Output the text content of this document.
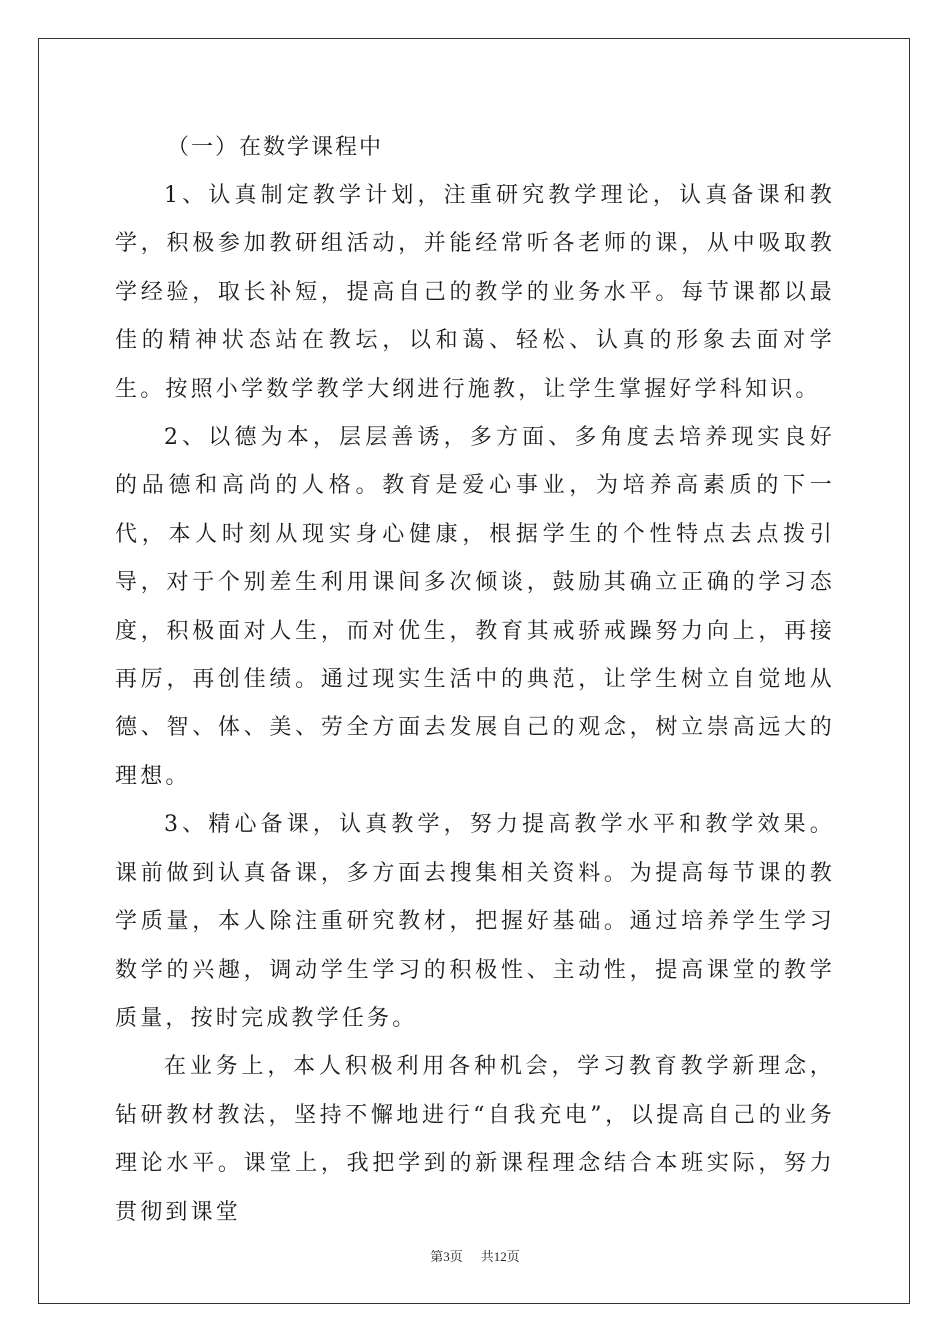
（一）在数学课程中

1、认真制定教学计划，注重研究教学理论，认真备课和教学，积极参加教研组活动，并能经常听各老师的课，从中吸取教学经验，取长补短，提高自己的教学的业务水平。每节课都以最佳的精神状态站在教坛，以和蔼、轻松、认真的形象去面对学生。按照小学数学教学大纲进行施教，让学生掌握好学科知识。

2、以德为本，层层善诱，多方面、多角度去培养现实良好的品德和高尚的人格。教育是爱心事业，为培养高素质的下一代，本人时刻从现实身心健康，根据学生的个性特点去点拨引导，对于个别差生利用课间多次倾谈，鼓励其确立正确的学习态度，积极面对人生，而对优生，教育其戒骄戒躁努力向上，再接再厉，再创佳绩。通过现实生活中的典范，让学生树立自觉地从德、智、体、美、劳全方面去发展自己的观念，树立崇高远大的理想。

3、精心备课，认真教学，努力提高教学水平和教学效果。课前做到认真备课，多方面去搜集相关资料。为提高每节课的教学质量，本人除注重研究教材，把握好基础。通过培养学生学习数学的兴趣，调动学生学习的积极性、主动性，提高课堂的教学质量，按时完成教学任务。

在业务上，本人积极利用各种机会，学习教育教学新理念，钻研教材教法，坚持不懈地进行“自我充电”，以提高自己的业务理论水平。课堂上，我把学到的新课程理念结合本班实际，努力贯彻到课堂

第3页 共12页
